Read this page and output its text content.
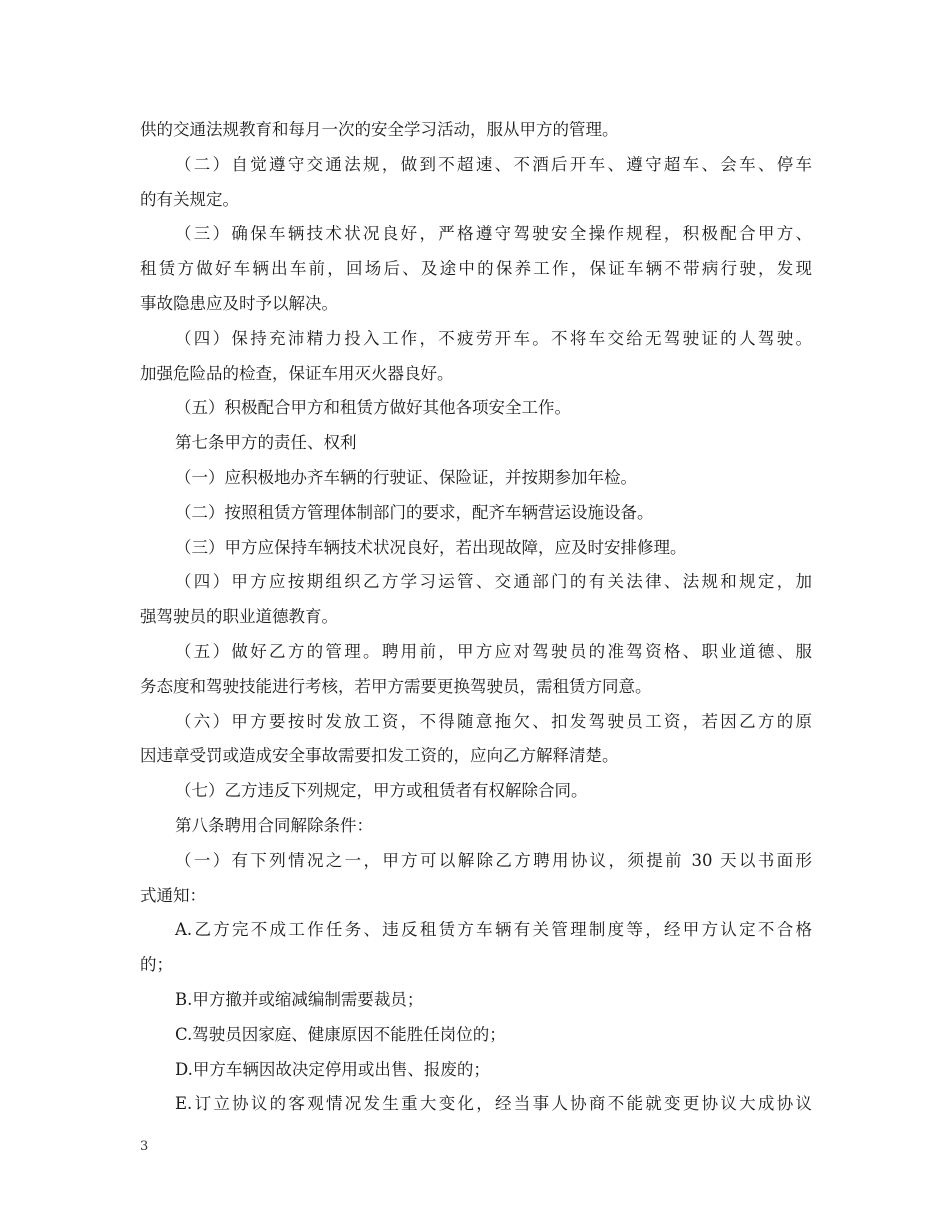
供的交通法规教育和每月一次的安全学习活动，服从甲方的管理。
（二）自觉遵守交通法规，做到不超速、不酒后开车、遵守超车、会车、停车
的有关规定。
（三）确保车辆技术状况良好，严格遵守驾驶安全操作规程，积极配合甲方、
租赁方做好车辆出车前，回场后、及途中的保养工作，保证车辆不带病行驶，发现
事故隐患应及时予以解决。
（四）保持充沛精力投入工作，不疲劳开车。不将车交给无驾驶证的人驾驶。
加强危险品的检查，保证车用灭火器良好。
（五）积极配合甲方和租赁方做好其他各项安全工作。
第七条甲方的责任、权利
（一）应积极地办齐车辆的行驶证、保险证，并按期参加年检。
（二）按照租赁方管理体制部门的要求，配齐车辆营运设施设备。
（三）甲方应保持车辆技术状况良好，若出现故障，应及时安排修理。
（四）甲方应按期组织乙方学习运管、交通部门的有关法律、法规和规定，加
强驾驶员的职业道德教育。
（五）做好乙方的管理。聘用前，甲方应对驾驶员的准驾资格、职业道德、服
务态度和驾驶技能进行考核，若甲方需要更换驾驶员，需租赁方同意。
（六）甲方要按时发放工资，不得随意拖欠、扣发驾驶员工资，若因乙方的原
因违章受罚或造成安全事故需要扣发工资的，应向乙方解释清楚。
（七）乙方违反下列规定，甲方或租赁者有权解除合同。
第八条聘用合同解除条件：
（一）有下列情况之一，甲方可以解除乙方聘用协议，须提前 30 天以书面形
式通知：
A.乙方完不成工作任务、违反租赁方车辆有关管理制度等，经甲方认定不合格
的；
B.甲方撤并或缩减编制需要裁员；
C.驾驶员因家庭、健康原因不能胜任岗位的；
D.甲方车辆因故决定停用或出售、报废的；
E.订立协议的客观情况发生重大变化，经当事人协商不能就变更协议大成协议
3
